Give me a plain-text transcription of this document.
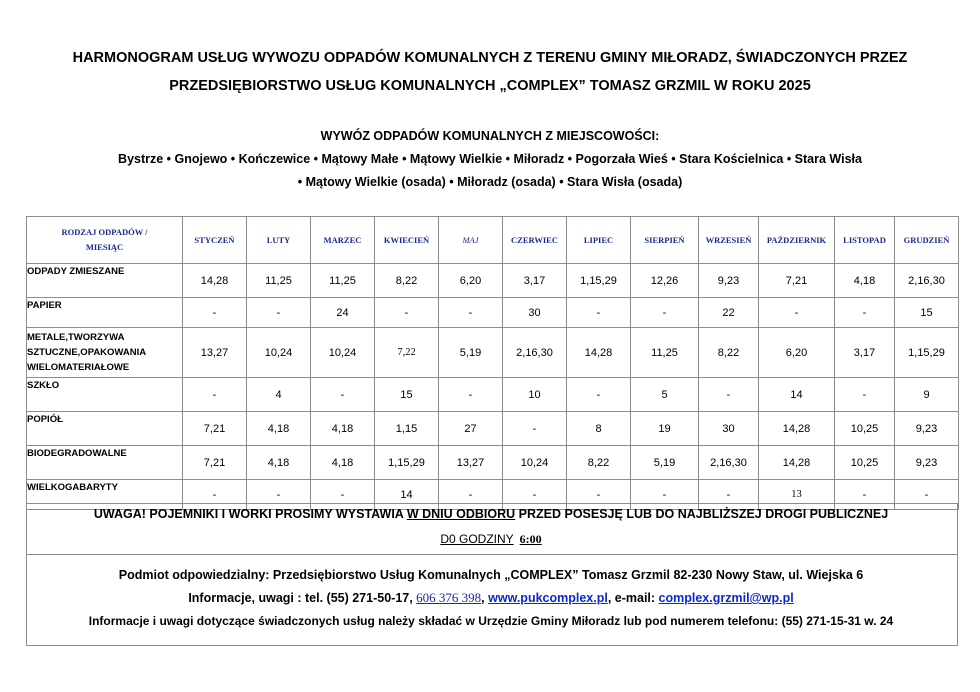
HARMONOGRAM USŁUG WYWOZU ODPADÓW KOMUNALNYCH Z TERENU GMINY MIŁORADZ, ŚWIADCZONYCH PRZEZ
PRZEDSIĘBIORSTWO USŁUG KOMUNALNYCH „COMPLEX” TOMASZ GRZMIL W ROKU 2025
WYWÓZ ODPADÓW KOMUNALNYCH Z MIEJSCOWOŚCI:
Bystrze • Gnojewo • Kończewice • Mątowy Małe • Mątowy Wielkie • Miłoradz • Pogorzała Wieś • Stara Kościelnica • Stara Wisła
• Mątowy Wielkie (osada) • Miłoradz (osada) • Stara Wisła (osada)
RODZAJ ODPADÓW /
MIESIĄC	STYCZEŃ	LUTY	MARZEC	KWIECIEŃ	MAJ	CZERWIEC	LIPIEC	SIERPIEŃ	WRZESIEŃ	PAŹDZIERNIK	LISTOPAD	GRUDZIEŃ
ODPADY ZMIESZANE	14,28	11,25	11,25	8,22	6,20	3,17	1,15,29	12,26	9,23	7,21	4,18	2,16,30
PAPIER	-	-	24	-	-	30	-	-	22	-	-	15
METALE,TWORZYWA
SZTUCZNE,OPAKOWANIA
WIELOMATERIAŁOWE	13,27	10,24	10,24	7,22	5,19	2,16,30	14,28	11,25	8,22	6,20	3,17	1,15,29
SZKŁO	-	4	-	15	-	10	-	5	-	14	-	9
POPIÓŁ	7,21	4,18	4,18	1,15	27	-	8	19	30	14,28	10,25	9,23
BIODEGRADOWALNE	7,21	4,18	4,18	1,15,29	13,27	10,24	8,22	5,19	2,16,30	14,28	10,25	9,23
WIELKOGABARYTY	-	-	-	14	-	-	-	-	-	13	-	-
UWAGA! POJEMNIKI I WORKI PROSIMY WYSTAWIA W DNIU ODBIORU PRZED POSESJĘ LUB DO NAJBLIŻSZEJ DROGI PUBLICZNEJ
D0 GODZINY 6:00
Podmiot odpowiedzialny: Przedsiębiorstwo Usług Komunalnych „COMPLEX” Tomasz Grzmil 82-230 Nowy Staw, ul. Wiejska 6
Informacje, uwagi : tel. (55) 271-50-17, 606 376 398, www.pukcomplex.pl, e-mail: complex.grzmil@wp.pl
Informacje i uwagi dotyczące świadczonych usług należy składać w Urzędzie Gminy Miłoradz lub pod numerem telefonu: (55) 271-15-31 w. 24
